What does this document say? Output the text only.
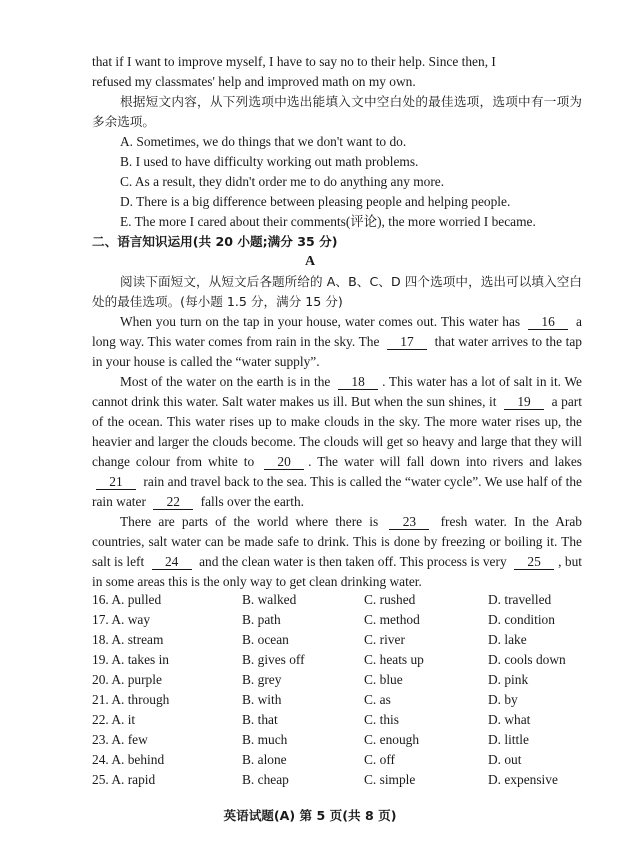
that if I want to improve myself, I have to say no to their help. Since then, I
refused my classmates' help and improved math on my own.

根据短文内容，从下列选项中选出能填入文中空白处的最佳选项，选项中有一项为多余选项。

A. Sometimes, we do things that we don't want to do.
B. I used to have difficulty working out math problems.
C. As a result, they didn't order me to do anything any more.
D. There is a big difference between pleasing people and helping people.
E. The more I cared about their comments(评论), the more worried I became.

二、语言知识运用(共 20 小题;满分 35 分)

A

阅读下面短文，从短文后各题所给的 A、B、C、D 四个选项中，选出可以填入空白处的最佳选项。(每小题 1.5 分，满分 15 分)

When you turn on the tap in your house, water comes out. This water has 16 a long way. This water comes from rain in the sky. The 17 that water arrives to the tap in your house is called the “water supply”.

Most of the water on the earth is in the 18 . This water has a lot of salt in it. We cannot drink this water. Salt water makes us ill. But when the sun shines, it 19 a part of the ocean. This water rises up to make clouds in the sky. The more water rises up, the heavier and larger the clouds become. The clouds will get so heavy and large that they will change colour from white to 20 . The water will fall down into rivers and lakes 21 rain and travel back to the sea. This is called the “water cycle”. We use half of the rain water 22 falls over the earth.

There are parts of the world where there is 23 fresh water. In the Arab countries, salt water can be made safe to drink. This is done by freezing or boiling it. The salt is left 24 and the clean water is then taken off. This process is very 25 , but in some areas this is the only way to get clean drinking water.

16. A. pulled	B. walked	C. rushed	D. travelled
17. A. way	B. path	C. method	D. condition
18. A. stream	B. ocean	C. river	D. lake
19. A. takes in	B. gives off	C. heats up	D. cools down
20. A. purple	B. grey	C. blue	D. pink
21. A. through	B. with	C. as	D. by
22. A. it	B. that	C. this	D. what
23. A. few	B. much	C. enough	D. little
24. A. behind	B. alone	C. off	D. out
25. A. rapid	B. cheap	C. simple	D. expensive
英语试题(A) 第 5 页(共 8 页)
